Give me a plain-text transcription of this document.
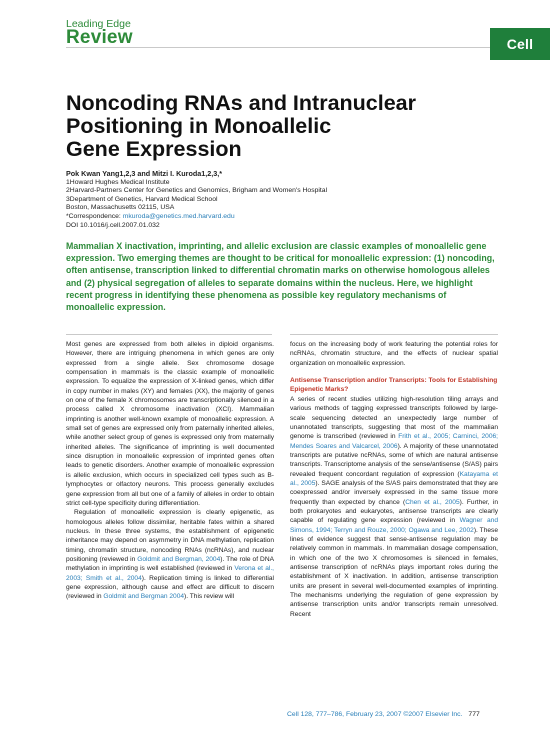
Leading Edge
Review	Cell
Noncoding RNAs and Intranuclear
Positioning in Monoallelic
Gene Expression
Pok Kwan Yang1,2,3 and Mitzi I. Kuroda1,2,3,*
1Howard Hughes Medical Institute
2Harvard-Partners Center for Genetics and Genomics, Brigham and Women's Hospital
3Department of Genetics, Harvard Medical School
Boston, Massachusetts 02115, USA
*Correspondence: mkuroda@genetics.med.harvard.edu
DOI 10.1016/j.cell.2007.01.032
Mammalian X inactivation, imprinting, and allelic exclusion are classic examples of monoallelic gene expression. Two emerging themes are thought to be critical for monoallelic expression: (1) noncoding, often antisense, transcription linked to differential chromatin marks on otherwise homologous alleles and (2) physical segregation of alleles to separate domains within the nucleus. Here, we highlight recent progress in identifying these phenomena as possible key regulatory mechanisms of monoallelic expression.

Most genes are expressed from both alleles in diploid organisms. However, there are intriguing phenomena in which genes are only expressed from a single allele. Sex chromosome dosage compensation in mammals is the classic example of monoallelic expression. To equalize the expression of X-linked genes, which differ in copy number in males (XY) and females (XX), the majority of genes on one of the female X chromosomes are transcriptionally silenced in a process called X chromosome inactivation (XCI). Mammalian imprinting is another well-known example of monoallelic expression. A small set of genes are expressed only from paternally inherited alleles, while another select group of genes is expressed only from maternally inherited alleles. The significance of imprinting is well documented since disruption in monoallelic expression of imprinted genes often leads to genetic disorders. Another example of monoallelic expression is allelic exclusion, which occurs in specialized cell types such as B-lymphocytes or olfactory neurons. This process generally excludes gene expression from all but one of a family of alleles in order to obtain strict cell-type specificity during differentiation.

Regulation of monoallelic expression is clearly epigenetic, as homologous alleles follow dissimilar, heritable fates within a shared nucleus. In these three systems, the establishment of epigenetic inheritance may depend on asymmetry in DNA methylation, replication timing, chromatin structure, noncoding RNAs (ncRNAs), and nuclear positioning (reviewed in Goldmit and Bergman, 2004). The role of DNA methylation in imprinting is well established (reviewed in Verona et al., 2003; Smith et al., 2004). Replication timing is linked to differential gene expression, although cause and effect are difficult to discern (reviewed in Goldmit and Bergman 2004). This review will

focus on the increasing body of work featuring the potential roles for ncRNAs, chromatin structure, and the effects of nuclear spatial organization on monoallelic expression.

Antisense Transcription and/or Transcripts: Tools for Establishing Epigenetic Marks?

A series of recent studies utilizing high-resolution tiling arrays and various methods of tagging expressed transcripts followed by large-scale sequencing detected an unexpectedly large number of unannotated transcripts, suggesting that most of the mammalian genome is transcribed (reviewed in Frith et al., 2005; Carninci, 2006; Mendes Soares and Valcarcel, 2006). A majority of these unannotated transcripts are putative ncRNAs, some of which are natural antisense transcripts. Transcriptome analysis of the sense/antisense (S/AS) pairs revealed frequent concordant regulation of expression (Katayama et al., 2005). SAGE analysis of the S/AS pairs demonstrated that they are coexpressed and/or inversely expressed in the same tissue more frequently than expected by chance (Chen et al., 2005). Further, in both prokaryotes and eukaryotes, antisense transcripts are clearly capable of regulating gene expression (reviewed in Wagner and Simons, 1994; Terryn and Rouze, 2000; Ogawa and Lee, 2002). These lines of evidence suggest that sense-antisense regulation may be relatively common in mammals. In mammalian dosage compensation, in which one of the two X chromosomes is silenced in females, antisense transcription of ncRNAs plays important roles during the establishment of X inactivation. In addition, antisense transcription units are present in several well-documented examples of imprinting. The mechanisms underlying the regulation of gene expression by antisense transcription units and/or transcripts remain unresolved. Recent

Cell 128, 777–786, February 23, 2007 ©2007 Elsevier Inc. 777
